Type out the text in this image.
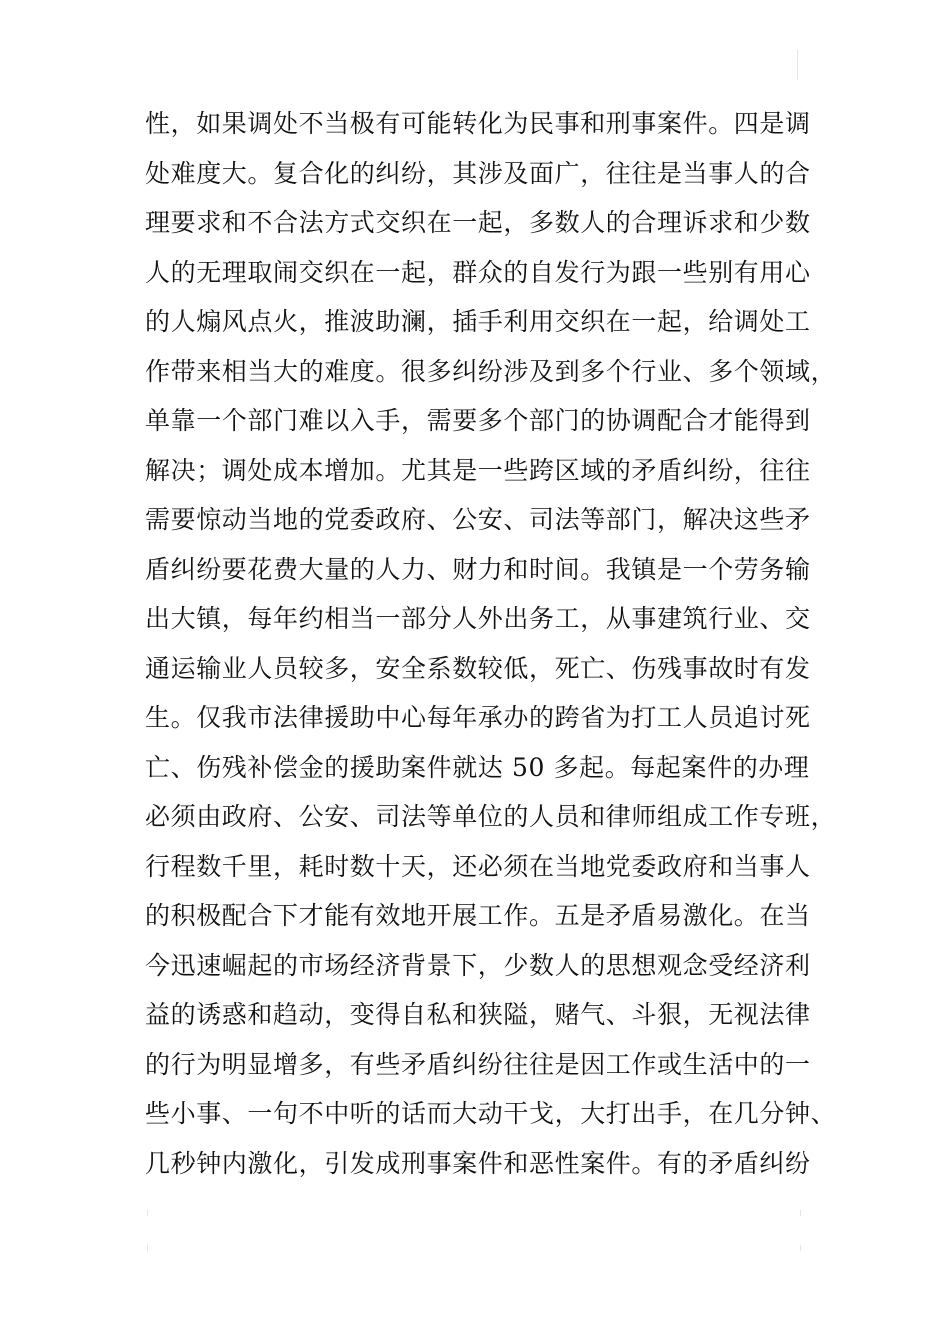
性，如果调处不当极有可能转化为民事和刑事案件。四是调
处难度大。复合化的纠纷，其涉及面广，往往是当事人的合
理要求和不合法方式交织在一起，多数人的合理诉求和少数
人的无理取闹交织在一起，群众的自发行为跟一些别有用心
的人煽风点火，推波助澜，插手利用交织在一起，给调处工
作带来相当大的难度。很多纠纷涉及到多个行业、多个领域，
单靠一个部门难以入手，需要多个部门的协调配合才能得到
解决；调处成本增加。尤其是一些跨区域的矛盾纠纷，往往
需要惊动当地的党委政府、公安、司法等部门，解决这些矛
盾纠纷要花费大量的人力、财力和时间。我镇是一个劳务输
出大镇，每年约相当一部分人外出务工，从事建筑行业、交
通运输业人员较多，安全系数较低，死亡、伤残事故时有发
生。仅我市法律援助中心每年承办的跨省为打工人员追讨死
亡、伤残补偿金的援助案件就达 50 多起。每起案件的办理
必须由政府、公安、司法等单位的人员和律师组成工作专班，
行程数千里，耗时数十天，还必须在当地党委政府和当事人
的积极配合下才能有效地开展工作。五是矛盾易激化。在当
今迅速崛起的市场经济背景下，少数人的思想观念受经济利
益的诱惑和趋动，变得自私和狭隘，赌气、斗狠，无视法律
的行为明显增多，有些矛盾纠纷往往是因工作或生活中的一
些小事、一句不中听的话而大动干戈，大打出手，在几分钟、
几秒钟内激化，引发成刑事案件和恶性案件。有的矛盾纠纷
